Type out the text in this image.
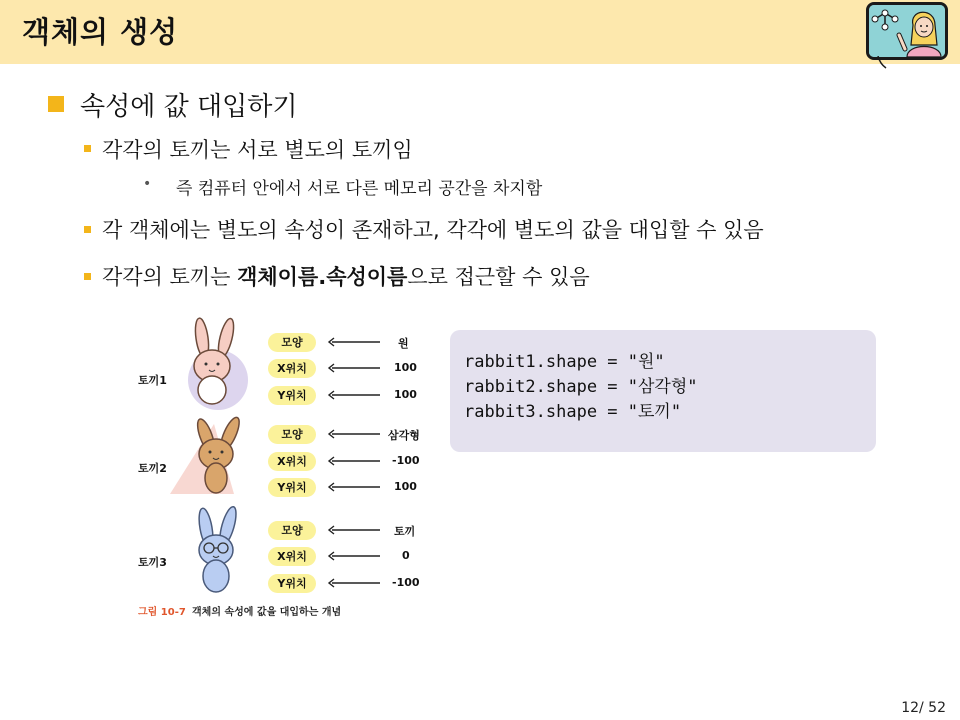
객체의 생성
속성에 값 대입하기
각각의 토끼는 서로 별도의 토끼임
• 즉 컴퓨터 안에서 서로 다른 메모리 공간을 차지함
각 객체에는 별도의 속성이 존재하고, 각각에 별도의 값을 대입할 수 있음
각각의 토끼는 객체이름.속성이름으로 접근할 수 있음
토끼1
토끼2
토끼3
모양
X위치
Y위치
원
100
100
모양
X위치
Y위치
삼각형
-100
100
모양
X위치
Y위치
토끼
0
-100
그림 10-7 객체의 속성에 값을 대입하는 개념
rabbit1.shape = "원"
rabbit2.shape = "삼각형"
rabbit3.shape = "토끼"
12/ 52
